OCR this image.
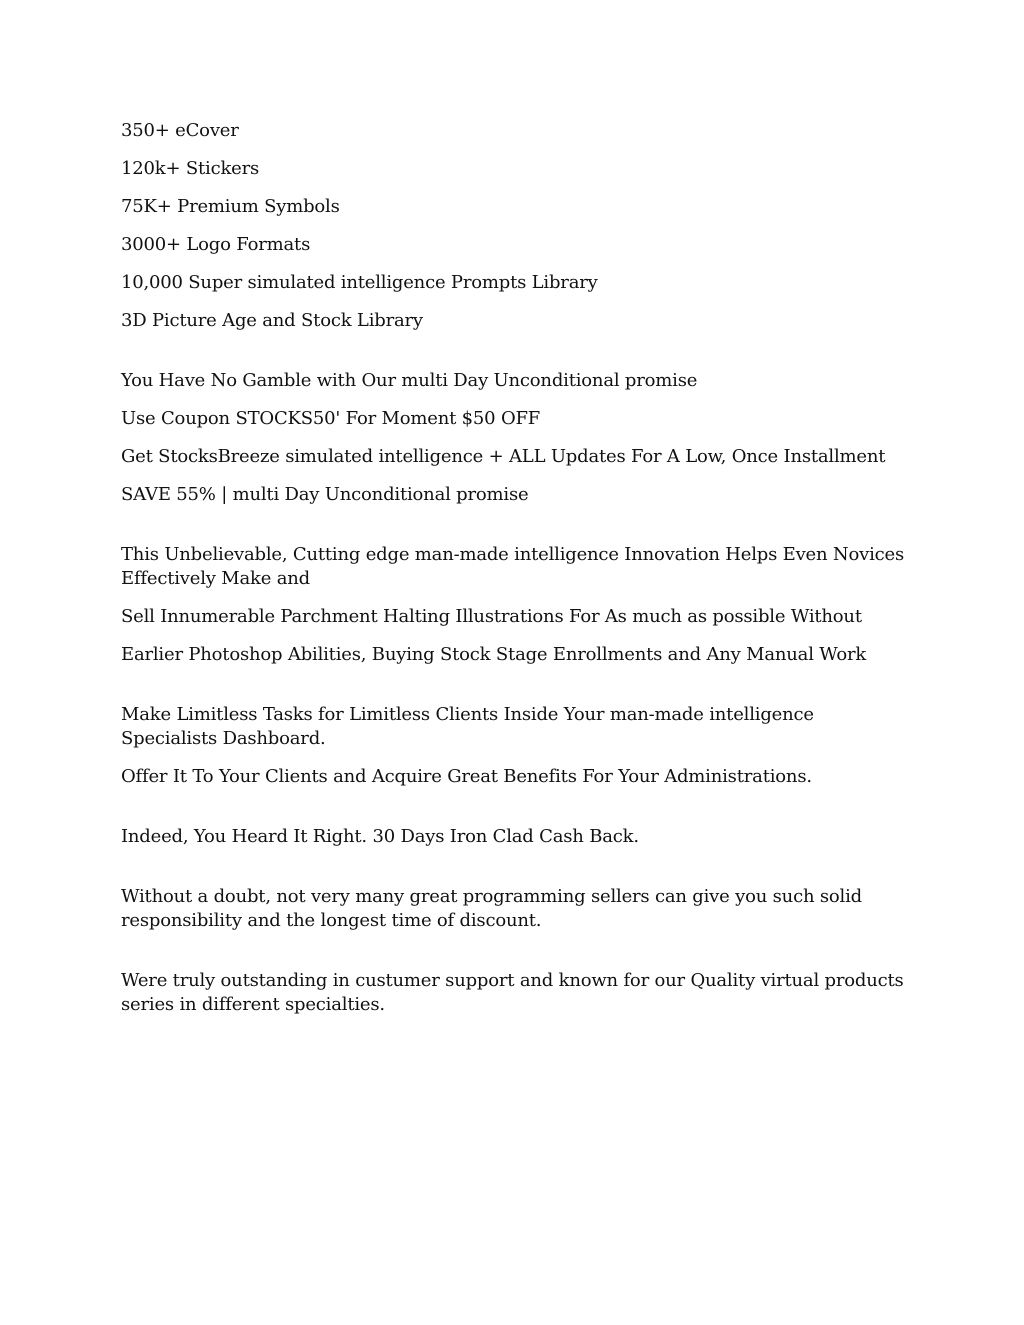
350+ eCover

120k+ Stickers

75K+ Premium Symbols

3000+ Logo Formats

10,000 Super simulated intelligence Prompts Library

3D Picture Age and Stock Library

You Have No Gamble with Our multi Day Unconditional promise

Use Coupon STOCKS50' For Moment $50 OFF

Get StocksBreeze simulated intelligence + ALL Updates For A Low, Once Installment

SAVE 55% | multi Day Unconditional promise

This Unbelievable, Cutting edge man-made intelligence Innovation Helps Even Novices Effectively Make and

Sell Innumerable Parchment Halting Illustrations For As much as possible Without

Earlier Photoshop Abilities, Buying Stock Stage Enrollments and Any Manual Work

Make Limitless Tasks for Limitless Clients Inside Your man-made intelligence Specialists Dashboard.

Offer It To Your Clients and Acquire Great Benefits For Your Administrations.

Indeed, You Heard It Right. 30 Days Iron Clad Cash Back.

Without a doubt, not very many great programming sellers can give you such solid responsibility and the longest time of discount.

Were truly outstanding in custumer support and known for our Quality virtual products series in different specialties.
